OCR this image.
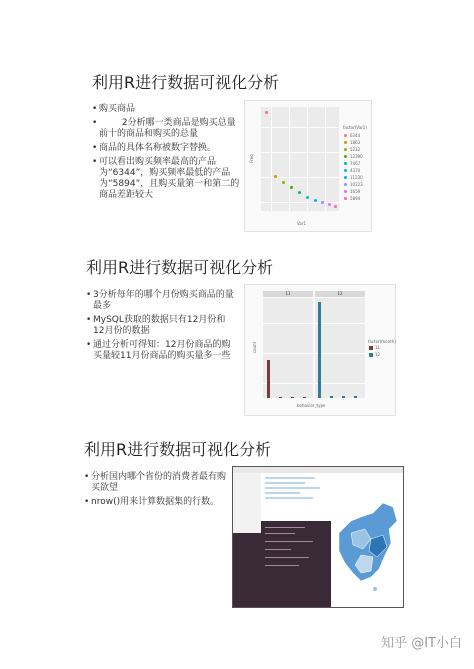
利用R进行数据可视化分析
• 购买商品
•         2分析哪一类商品是购买总量前十的商品和购买的总量
• 商品的具体名称被数字替换。
• 可以看出购买频率最高的产品为“6344”，购买频率最低的产品为“5894”，且购买量第一和第二的商品差距较大
Freq
Var1
factor(Var1)
6344
1863
5232
12390
7467
4370
11230
10223
1659
5894
利用R进行数据可视化分析
• 3分析每年的哪个月份购买商品的量最多
• MySQL获取的数据只有12月份和12月份的数据
• 通过分析可得知：12月份商品的购买量较11月份商品的购买量多一些
11	12
count
behavior_type
factor(month)
11
12
利用R进行数据可视化分析
• 分析国内哪个省份的消费者最有购买欲望
• nrow()用来计算数据集的行数。
知乎 @IT小白
